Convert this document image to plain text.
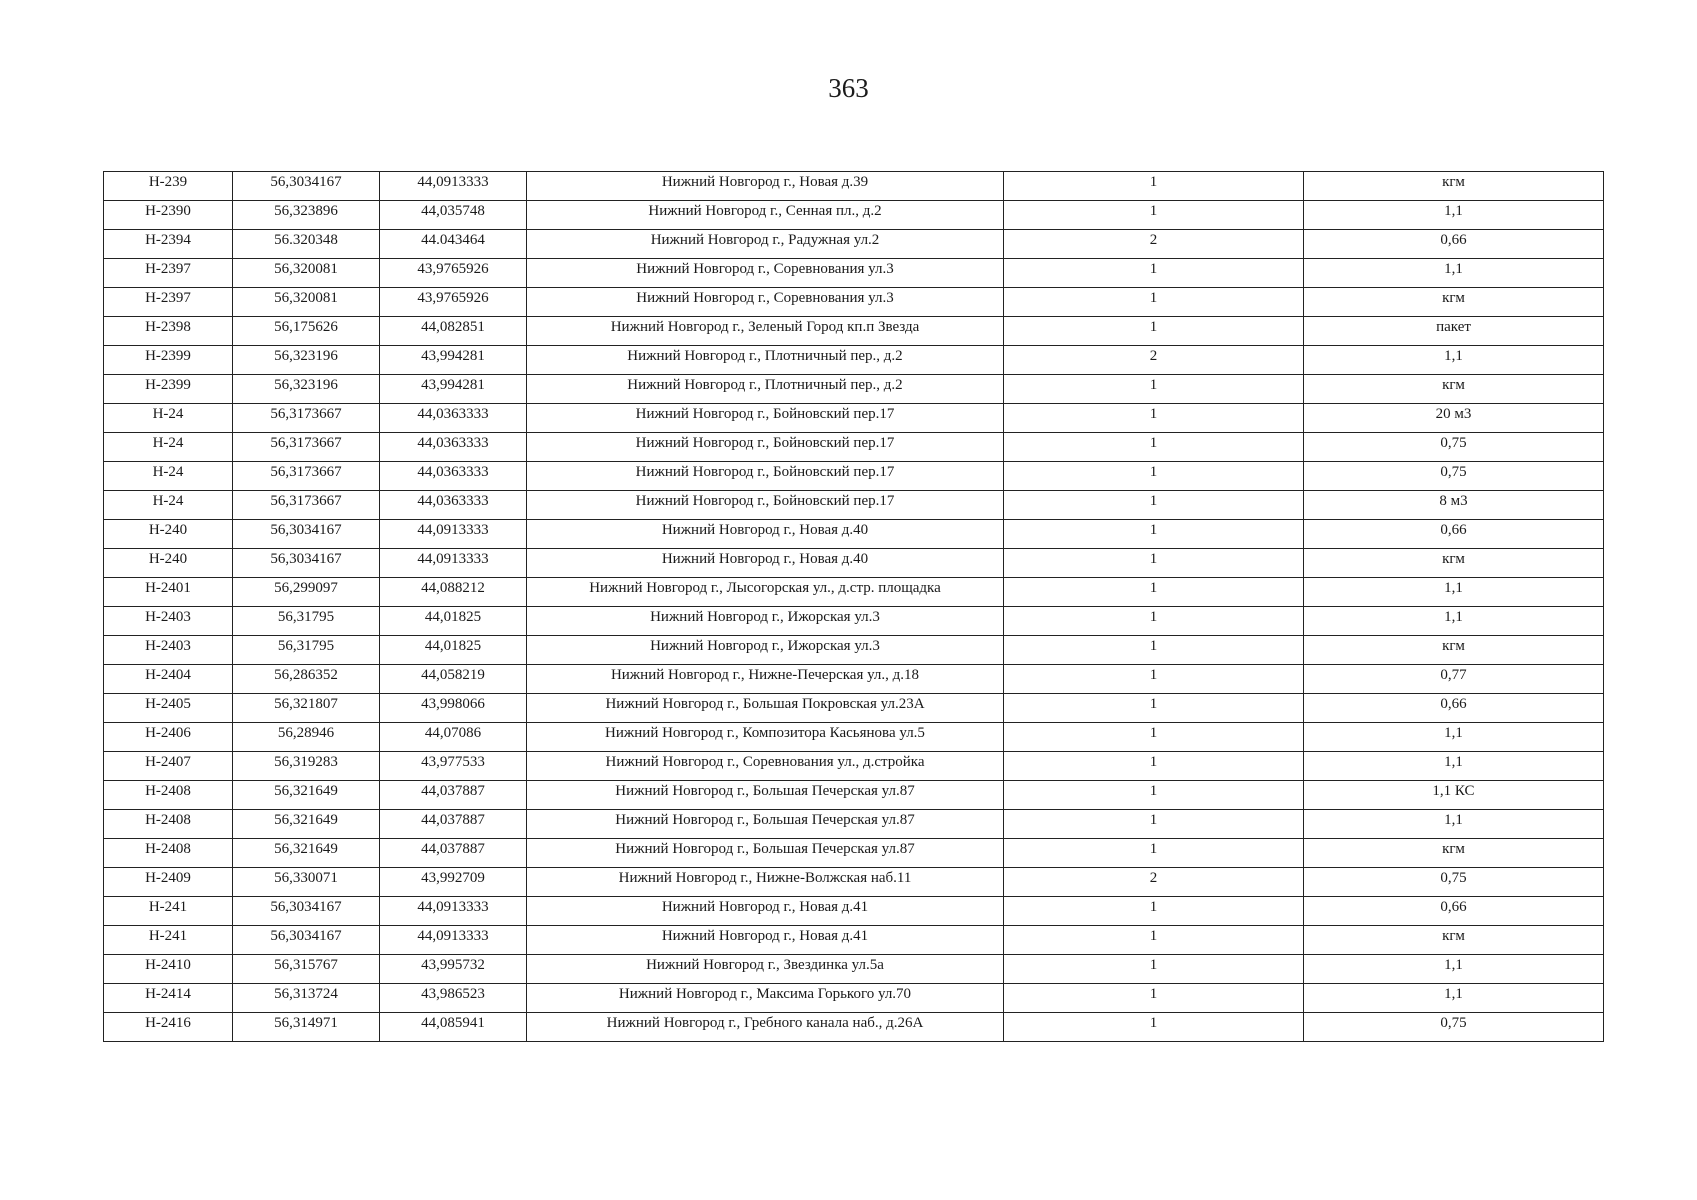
363
Н-239	56,3034167	44,0913333	Нижний Новгород г., Новая д.39	1	кгм
Н-2390	56,323896	44,035748	Нижний Новгород г., Сенная пл., д.2	1	1,1
Н-2394	56.320348	44.043464	Нижний Новгород г., Радужная ул.2	2	0,66
Н-2397	56,320081	43,9765926	Нижний Новгород г., Соревнования ул.3	1	1,1
Н-2397	56,320081	43,9765926	Нижний Новгород г., Соревнования ул.3	1	кгм
Н-2398	56,175626	44,082851	Нижний Новгород г., Зеленый Город кп.п Звезда	1	пакет
Н-2399	56,323196	43,994281	Нижний Новгород г., Плотничный пер., д.2	2	1,1
Н-2399	56,323196	43,994281	Нижний Новгород г., Плотничный пер., д.2	1	кгм
Н-24	56,3173667	44,0363333	Нижний Новгород г., Бойновский пер.17	1	20 м3
Н-24	56,3173667	44,0363333	Нижний Новгород г., Бойновский пер.17	1	0,75
Н-24	56,3173667	44,0363333	Нижний Новгород г., Бойновский пер.17	1	0,75
Н-24	56,3173667	44,0363333	Нижний Новгород г., Бойновский пер.17	1	8 м3
Н-240	56,3034167	44,0913333	Нижний Новгород г., Новая д.40	1	0,66
Н-240	56,3034167	44,0913333	Нижний Новгород г., Новая д.40	1	кгм
Н-2401	56,299097	44,088212	Нижний Новгород г., Лысогорская ул., д.стр. площадка	1	1,1
Н-2403	56,31795	44,01825	Нижний Новгород г., Ижорская ул.3	1	1,1
Н-2403	56,31795	44,01825	Нижний Новгород г., Ижорская ул.3	1	кгм
Н-2404	56,286352	44,058219	Нижний Новгород г., Нижне-Печерская ул., д.18	1	0,77
Н-2405	56,321807	43,998066	Нижний Новгород г., Большая Покровская ул.23А	1	0,66
Н-2406	56,28946	44,07086	Нижний Новгород г., Композитора Касьянова ул.5	1	1,1
Н-2407	56,319283	43,977533	Нижний Новгород г., Соревнования ул., д.стройка	1	1,1
Н-2408	56,321649	44,037887	Нижний Новгород г., Большая Печерская ул.87	1	1,1 КС
Н-2408	56,321649	44,037887	Нижний Новгород г., Большая Печерская ул.87	1	1,1
Н-2408	56,321649	44,037887	Нижний Новгород г., Большая Печерская ул.87	1	кгм
Н-2409	56,330071	43,992709	Нижний Новгород г., Нижне-Волжская наб.11	2	0,75
Н-241	56,3034167	44,0913333	Нижний Новгород г., Новая д.41	1	0,66
Н-241	56,3034167	44,0913333	Нижний Новгород г., Новая д.41	1	кгм
Н-2410	56,315767	43,995732	Нижний Новгород г., Звездинка ул.5а	1	1,1
Н-2414	56,313724	43,986523	Нижний Новгород г., Максима Горького ул.70	1	1,1
Н-2416	56,314971	44,085941	Нижний Новгород г., Гребного канала наб., д.26А	1	0,75
